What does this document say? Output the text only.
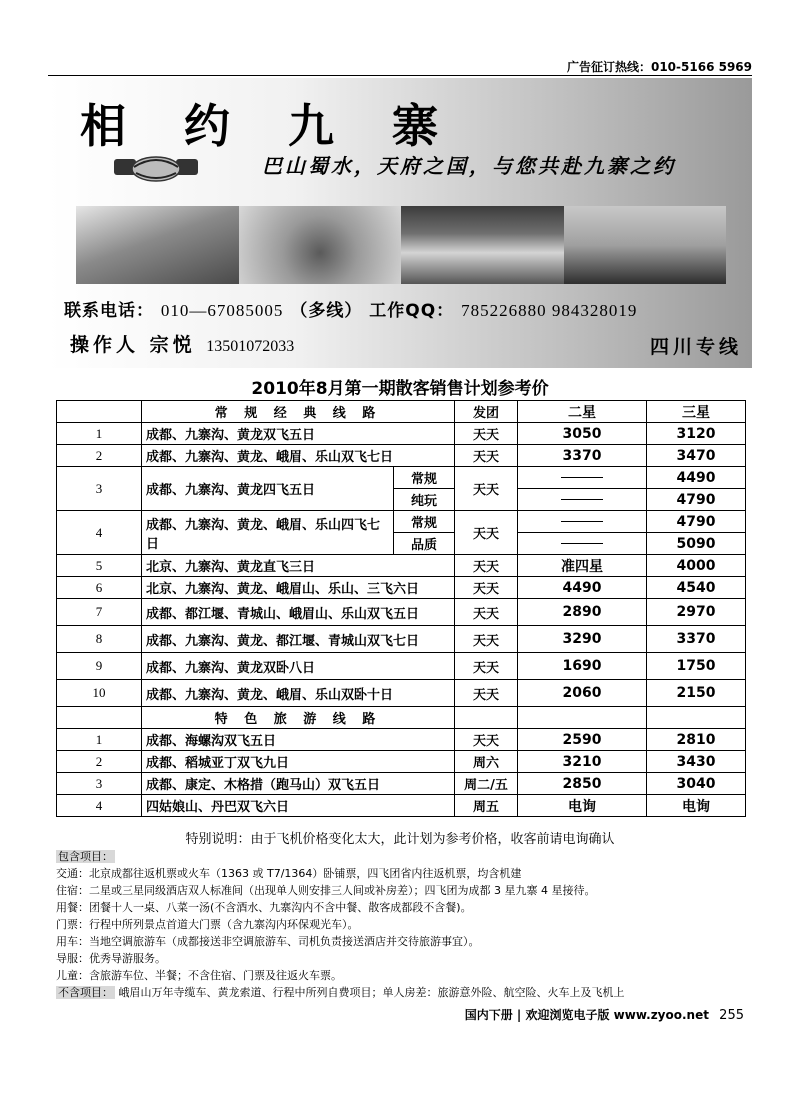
广告征订热线：010-5166 5969
相约九寨
巴山蜀水，天府之国，与您共赴九寨之约
联系电话： 010—67085005 （多线） 工作QQ： 785226880 984328019
操作人 宗悦 13501072033	四川专线
2010年8月第一期散客销售计划参考价
	常 规 经 典 线 路		发团	二星	三星
1	成都、九寨沟、黄龙双飞五日		天天	3050	3120
2	成都、九寨沟、黄龙、峨眉、乐山双飞七日		天天	3370	3470
3	成都、九寨沟、黄龙四飞五日	常规	天天		4490
		纯玩			4790
4	成都、九寨沟、黄龙、峨眉、乐山四飞七日	常规	天天		4790
		品质			5090
5	北京、九寨沟、黄龙直飞三日		天天	准四星	4000
6	北京、九寨沟、黄龙、峨眉山、乐山、三飞六日		天天	4490	4540
7	成都、都江堰、青城山、峨眉山、乐山双飞五日		天天	2890	2970
8	成都、九寨沟、黄龙、都江堰、青城山双飞七日		天天	3290	3370
9	成都、九寨沟、黄龙双卧八日		天天	1690	1750
10	成都、九寨沟、黄龙、峨眉、乐山双卧十日		天天	2060	2150
	特 色 旅 游 线 路				
1	成都、海螺沟双飞五日		天天	2590	2810
2	成都、稻城亚丁双飞九日		周六	3210	3430
3	成都、康定、木格措（跑马山）双飞五日		周二/五	2850	3040
4	四姑娘山、丹巴双飞六日		周五	电询	电询
特别说明：由于飞机价格变化太大，此计划为参考价格，收客前请电询确认
包含项目：
交通：北京成都往返机票或火车（1363 或 T7/1364）卧铺票，四飞团省内往返机票，均含机建
住宿：二星或三星同级酒店双人标准间（出现单人则安排三人间或补房差）；四飞团为成都 3 星九寨 4 星接待。
用餐：团餐十人一桌、八菜一汤(不含酒水、九寨沟内不含中餐、散客成都段不含餐)。
门票：行程中所列景点首道大门票（含九寨沟内环保观光车）。
用车：当地空调旅游车（成都接送非空调旅游车、司机负责接送酒店并交待旅游事宜）。
导服：优秀导游服务。
儿童：含旅游车位、半餐；不含住宿、门票及往返火车票。
不含项目： 峨眉山万年寺缆车、黄龙索道、行程中所列自费项目；单人房差：旅游意外险、航空险、火车上及飞机上
国内下册 | 欢迎浏览电子版 www.zyoo.net 255
